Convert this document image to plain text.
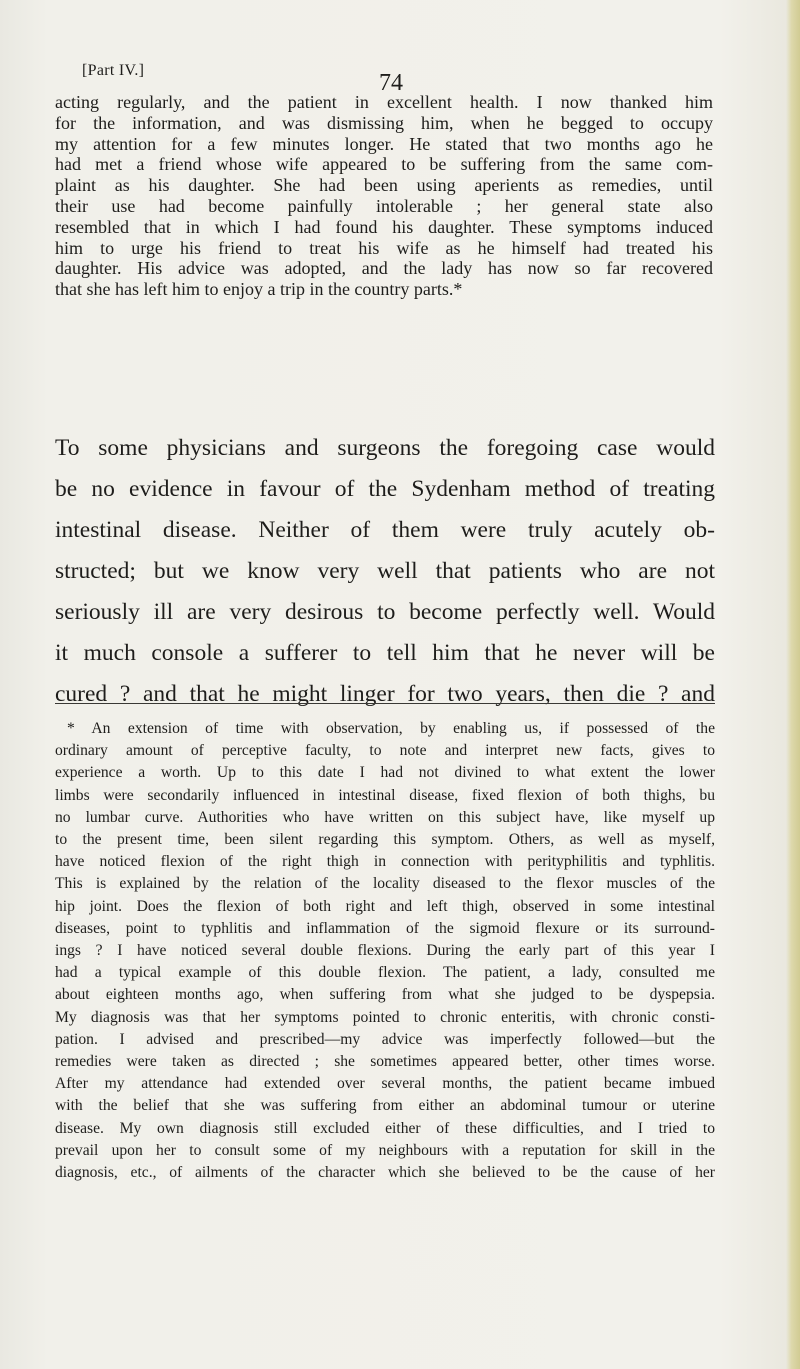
[Part IV.]	74
acting regularly, and the patient in excellent health. I now thanked him
for the information, and was dismissing him, when he begged to occupy
my attention for a few minutes longer. He stated that two months ago he
had met a friend whose wife appeared to be suffering from the same com-
plaint as his daughter. She had been using aperients as remedies, until
their use had become painfully intolerable ; her general state also
resembled that in which I had found his daughter. These symptoms induced
him to urge his friend to treat his wife as he himself had treated his
daughter. His advice was adopted, and the lady has now so far recovered
that she has left him to enjoy a trip in the country parts.*
To some physicians and surgeons the foregoing case would
be no evidence in favour of the Sydenham method of treating
intestinal disease. Neither of them were truly acutely ob-
structed; but we know very well that patients who are not
seriously ill are very desirous to become perfectly well. Would
it much console a sufferer to tell him that he never will be
cured ? and that he might linger for two years, then die ? and
* An extension of time with observation, by enabling us, if possessed of the
ordinary amount of perceptive faculty, to note and interpret new facts, gives to
experience a worth. Up to this date I had not divined to what extent the lower
limbs were secondarily influenced in intestinal disease, fixed flexion of both thighs, bu
no lumbar curve. Authorities who have written on this subject have, like myself up
to the present time, been silent regarding this symptom. Others, as well as myself,
have noticed flexion of the right thigh in connection with perityphilitis and typhlitis.
This is explained by the relation of the locality diseased to the flexor muscles of the
hip joint. Does the flexion of both right and left thigh, observed in some intestinal
diseases, point to typhlitis and inflammation of the sigmoid flexure or its surround-
ings ? I have noticed several double flexions. During the early part of this year I
had a typical example of this double flexion. The patient, a lady, consulted me
about eighteen months ago, when suffering from what she judged to be dyspepsia.
My diagnosis was that her symptoms pointed to chronic enteritis, with chronic consti-
pation. I advised and prescribed—my advice was imperfectly followed—but the
remedies were taken as directed ; she sometimes appeared better, other times worse.
After my attendance had extended over several months, the patient became imbued
with the belief that she was suffering from either an abdominal tumour or uterine
disease. My own diagnosis still excluded either of these difficulties, and I tried to
prevail upon her to consult some of my neighbours with a reputation for skill in the
diagnosis, etc., of ailments of the character which she believed to be the cause of her
